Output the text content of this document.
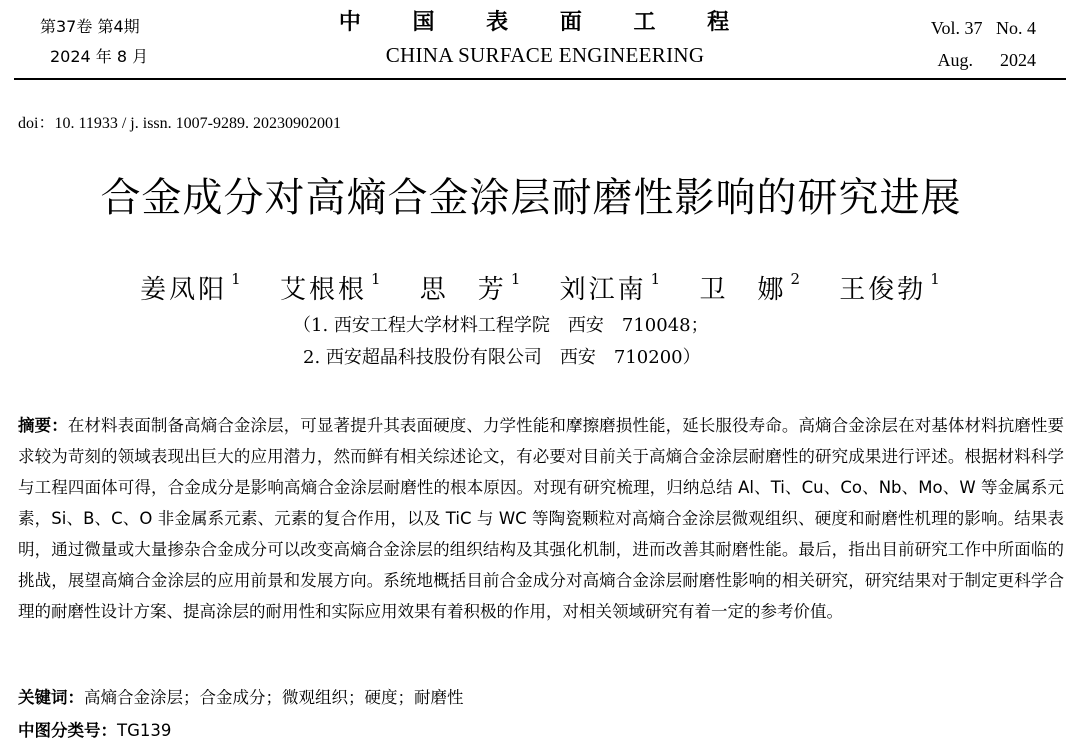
第37卷 第4期
2024 年 8 月
中 国 表 面 工 程
CHINA SURFACE ENGINEERING
Vol. 37 No. 4
Aug. 2024
doi：10. 11933 / j. issn. 1007-9289. 20230902001
合金成分对高熵合金涂层耐磨性影响的研究进展
姜凤阳 $^1$ 艾根根 $^1$ 思　芳 $^1$ 刘江南 $^1$ 卫　娜 $^2$ 王俊勃 $^1$
（1. 西安工程大学材料工程学院　西安　710048；
2. 西安超晶科技股份有限公司　西安　710200）
摘要：在材料表面制备高熵合金涂层，可显著提升其表面硬度、力学性能和摩擦磨损性能，延长服役寿命。高熵合金涂层在对基体材料抗磨性要求较为苛刻的领域表现出巨大的应用潜力，然而鲜有相关综述论文，有必要对目前关于高熵合金涂层耐磨性的研究成果进行评述。根据材料科学与工程四面体可得，合金成分是影响高熵合金涂层耐磨性的根本原因。对现有研究梳理，归纳总结 Al、Ti、Cu、Co、Nb、Mo、W 等金属系元素，Si、B、C、O 非金属系元素、元素的复合作用，以及 TiC 与 WC 等陶瓷颗粒对高熵合金涂层微观组织、硬度和耐磨性机理的影响。结果表明，通过微量或大量掺杂合金成分可以改变高熵合金涂层的组织结构及其强化机制，进而改善其耐磨性能。最后，指出目前研究工作中所面临的挑战，展望高熵合金涂层的应用前景和发展方向。系统地概括目前合金成分对高熵合金涂层耐磨性影响的相关研究，研究结果对于制定更科学合理的耐磨性设计方案、提高涂层的耐用性和实际应用效果有着积极的作用，对相关领域研究有着一定的参考价值。
关键词：高熵合金涂层；合金成分；微观组织；硬度；耐磨性
中图分类号：TG139
